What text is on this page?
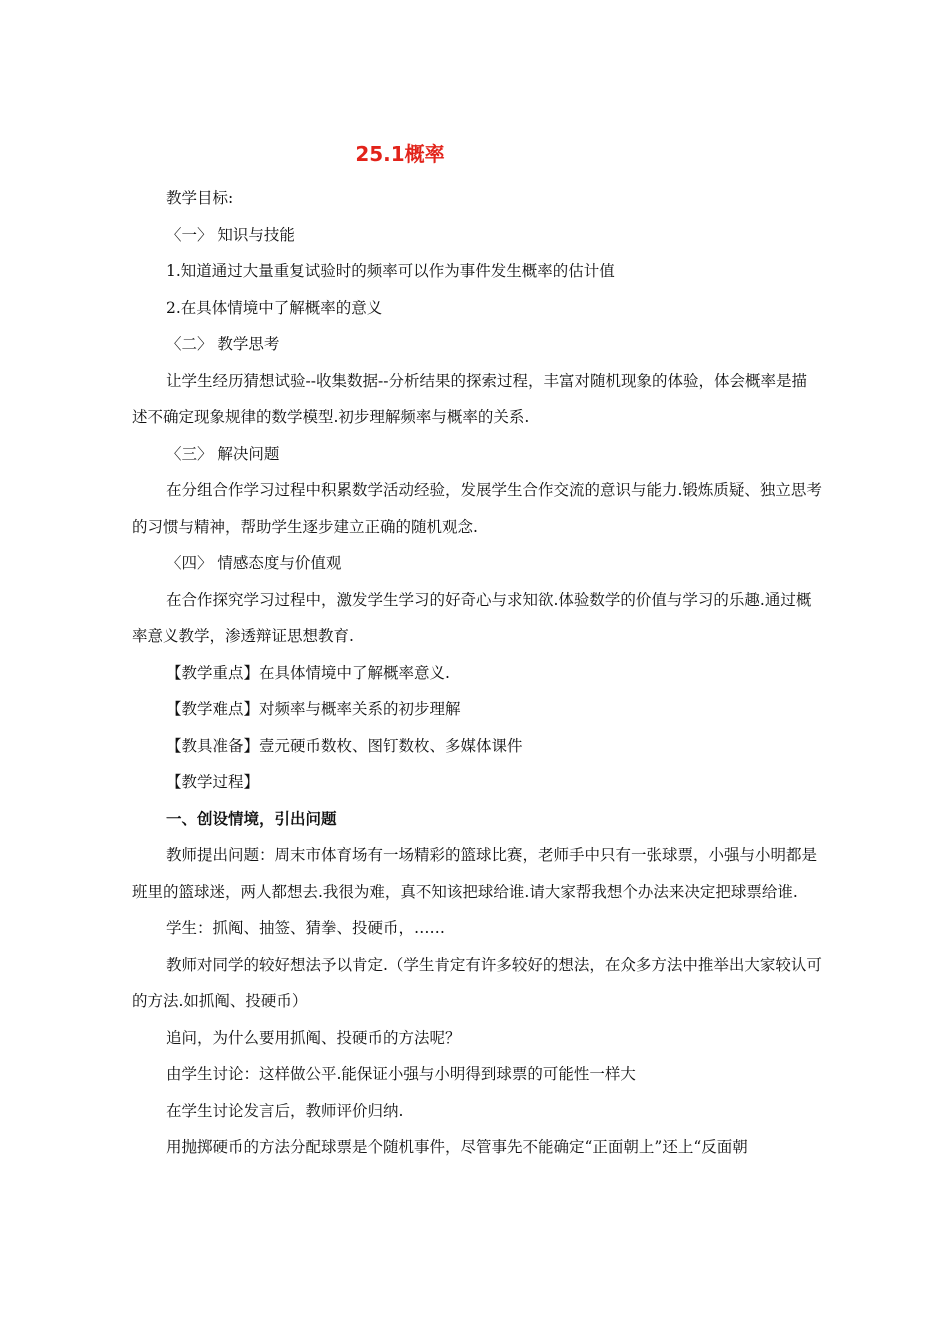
25.1概率

教学目标:

〈一〉 知识与技能

1.知道通过大量重复试验时的频率可以作为事件发生概率的估计值

2.在具体情境中了解概率的意义

〈二〉 教学思考

让学生经历猜想试验--收集数据--分析结果的探索过程，丰富对随机现象的体验，体会概率是描述不确定现象规律的数学模型.初步理解频率与概率的关系.

〈三〉 解决问题

在分组合作学习过程中积累数学活动经验，发展学生合作交流的意识与能力.锻炼质疑、独立思考的习惯与精神，帮助学生逐步建立正确的随机观念.

〈四〉 情感态度与价值观

在合作探究学习过程中，激发学生学习的好奇心与求知欲.体验数学的价值与学习的乐趣.通过概率意义教学，渗透辩证思想教育.

【教学重点】在具体情境中了解概率意义.

【教学难点】对频率与概率关系的初步理解

【教具准备】壹元硬币数枚、图钉数枚、多媒体课件

【教学过程】

一、创设情境，引出问题

教师提出问题：周末市体育场有一场精彩的篮球比赛，老师手中只有一张球票，小强与小明都是班里的篮球迷，两人都想去.我很为难，真不知该把球给谁.请大家帮我想个办法来决定把球票给谁.

学生：抓阄、抽签、猜拳、投硬币，……

教师对同学的较好想法予以肯定.（学生肯定有许多较好的想法，在众多方法中推举出大家较认可的方法.如抓阄、投硬币）

追问，为什么要用抓阄、投硬币的方法呢？

由学生讨论：这样做公平.能保证小强与小明得到球票的可能性一样大

在学生讨论发言后，教师评价归纳.

用抛掷硬币的方法分配球票是个随机事件，尽管事先不能确定“正面朝上”还上“反面朝
